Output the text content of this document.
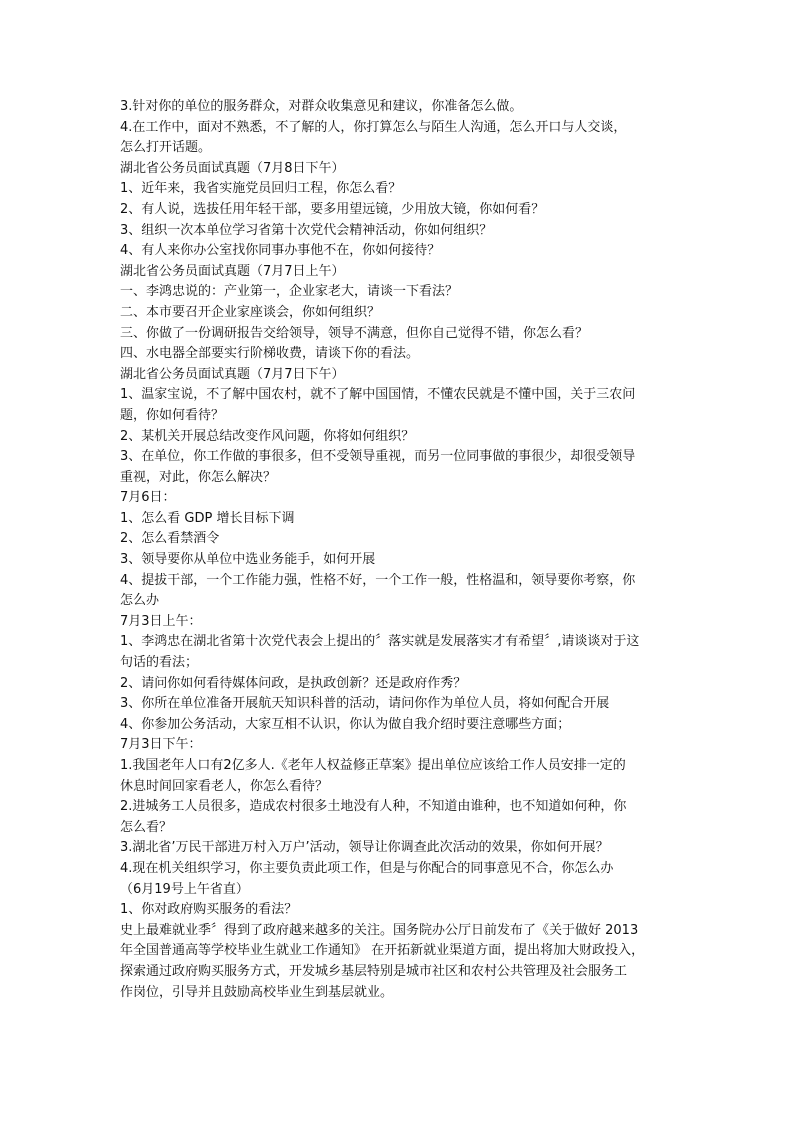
3.针对你的单位的服务群众，对群众收集意见和建议，你准备怎么做。
4.在工作中，面对不熟悉，不了解的人，你打算怎么与陌生人沟通，怎么开口与人交谈，
怎么打开话题。
湖北省公务员面试真题（7月8日下午）
1、近年来，我省实施党员回归工程，你怎么看？
2、有人说，选拔任用年轻干部，要多用望远镜，少用放大镜，你如何看？
3、组织一次本单位学习省第十次党代会精神活动，你如何组织？
4、有人来你办公室找你同事办事他不在，你如何接待？
湖北省公务员面试真题（7月7日上午）
一、李鸿忠说的：产业第一，企业家老大，请谈一下看法？
二、本市要召开企业家座谈会，你如何组织？
三、你做了一份调研报告交给领导，领导不满意，但你自己觉得不错，你怎么看？
四、水电器全部要实行阶梯收费，请谈下你的看法。
湖北省公务员面试真题（7月7日下午）
1、温家宝说，不了解中国农村，就不了解中国国情，不懂农民就是不懂中国，关于三农问
题，你如何看待？
2、某机关开展总结改变作风问题，你将如何组织？
3、在单位，你工作做的事很多，但不受领导重视，而另一位同事做的事很少，却很受领导
重视，对此，你怎么解决？
7月6日：
1、怎么看 GDP 增长目标下调
2、怎么看禁酒令
3、领导要你从单位中选业务能手，如何开展
4、提拔干部，一个工作能力强，性格不好，一个工作一般，性格温和，领导要你考察，你
怎么办
7月3日上午：
1、李鸿忠在湖北省第十次党代表会上提出的〞落实就是发展落实才有希望〞,请谈谈对于这
句话的看法；
2、请问你如何看待媒体问政，是执政创新？还是政府作秀？
3、你所在单位准备开展航天知识科普的活动，请问你作为单位人员，将如何配合开展
4、你参加公务活动，大家互相不认识，你认为做自我介绍时要注意哪些方面；
7月3日下午：
1.我国老年人口有2亿多人.《老年人权益修正草案》提出单位应该给工作人员安排一定的
休息时间回家看老人，你怎么看待？
2.进城务工人员很多，造成农村很多土地没有人种，不知道由谁种，也不知道如何种，你
怎么看？
3.湖北省’万民干部进万村入万户’活动，领导让你调查此次活动的效果，你如何开展？
4.现在机关组织学习，你主要负责此项工作，但是与你配合的同事意见不合，你怎么办
（6月19号上午省直）
1、你对政府购买服务的看法？
史上最难就业季〞得到了政府越来越多的关注。国务院办公厅日前发布了《关于做好 2013
年全国普通高等学校毕业生就业工作通知》 在开拓新就业渠道方面，提出将加大财政投入，
探索通过政府购买服务方式，开发城乡基层特别是城市社区和农村公共管理及社会服务工
作岗位，引导并且鼓励高校毕业生到基层就业。
